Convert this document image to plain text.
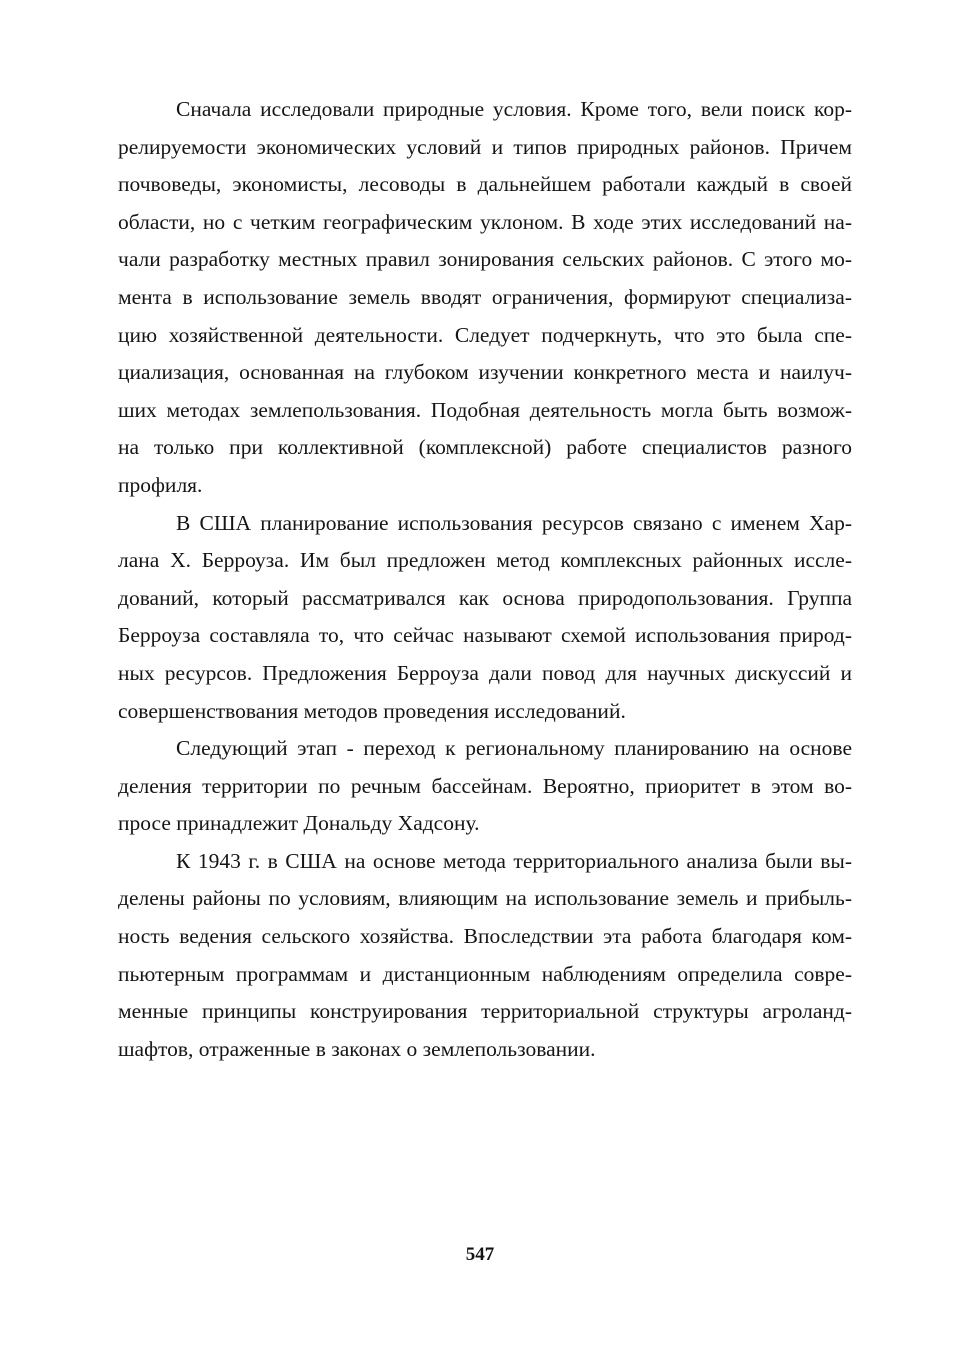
Сначала исследовали природные условия. Кроме того, вели поиск кор-
релируемости экономических условий и типов природных районов. Причем
почвоведы, экономисты, лесоводы в дальнейшем работали каждый в своей
области, но с четким географическим уклоном. В ходе этих исследований на-
чали разработку местных правил зонирования сельских районов. С этого мо-
мента в использование земель вводят ограничения, формируют специализа-
цию хозяйственной деятельности. Следует подчеркнуть, что это была спе-
циализация, основанная на глубоком изучении конкретного места и наилуч-
ших методах землепользования. Подобная деятельность могла быть возмож-
на только при коллективной (комплексной) работе специалистов разного
профиля.
В США планирование использования ресурсов связано с именем Хар-
лана Х. Берроуза. Им был предложен метод комплексных районных иссле-
дований, который рассматривался как основа природопользования. Группа
Берроуза составляла то, что сейчас называют схемой использования природ-
ных ресурсов. Предложения Берроуза дали повод для научных дискуссий и
совершенствования методов проведения исследований.
Следующий этап - переход к региональному планированию на основе
деления территории по речным бассейнам. Вероятно, приоритет в этом во-
просе принадлежит Дональду Хадсону.
К 1943 г. в США на основе метода территориального анализа были вы-
делены районы по условиям, влияющим на использование земель и прибыль-
ность ведения сельского хозяйства. Впоследствии эта работа благодаря ком-
пьютерным программам и дистанционным наблюдениям определила совре-
менные принципы конструирования территориальной структуры агроланд-
шафтов, отраженные в законах о землепользовании.
547
